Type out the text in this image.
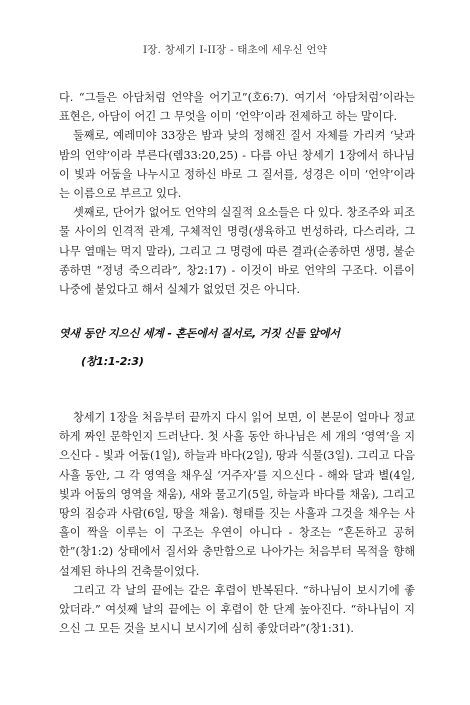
I장. 창세기 I-II장 - 태초에 세우신 언약

다. “그들은 아담처럼 언약을 어기고”(호6:7). 여기서 ‘아담처럼’이라는 표현은, 아담이 어긴 그 무엇을 이미 ‘언약’이라 전제하고 하는 말이다.

둘째로, 예레미야 33장은 밤과 낮의 정해진 질서 자체를 가리켜 ‘낮과 밤의 언약’이라 부른다(렘33:20,25) - 다름 아닌 창세기 1장에서 하나님이 빛과 어둠을 나누시고 정하신 바로 그 질서를, 성경은 이미 ‘언약’이라는 이름으로 부르고 있다.

셋째로, 단어가 없어도 언약의 실질적 요소들은 다 있다. 창조주와 피조물 사이의 인격적 관계, 구체적인 명령(생육하고 번성하라, 다스리라, 그 나무 열매는 먹지 말라), 그리고 그 명령에 따른 결과(순종하면 생명, 불순종하면 “정녕 죽으리라”, 창2:17) - 이것이 바로 언약의 구조다. 이름이 나중에 붙었다고 해서 실체가 없었던 것은 아니다.

엿새 동안 지으신 세계 - 혼돈에서 질서로, 거짓 신들 앞에서
(창1:1-2:3)

창세기 1장을 처음부터 끝까지 다시 읽어 보면, 이 본문이 얼마나 정교하게 짜인 문학인지 드러난다. 첫 사흘 동안 하나님은 세 개의 ‘영역’을 지으신다 - 빛과 어둠(1일), 하늘과 바다(2일), 땅과 식물(3일). 그리고 다음 사흘 동안, 그 각 영역을 채우실 ‘거주자’를 지으신다 - 해와 달과 별(4일, 빛과 어둠의 영역을 채움), 새와 물고기(5일, 하늘과 바다를 채움), 그리고 땅의 짐승과 사람(6일, 땅을 채움). 형태를 짓는 사흘과 그것을 채우는 사흘이 짝을 이루는 이 구조는 우연이 아니다 - 창조는 “혼돈하고 공허한”(창1:2) 상태에서 질서와 충만함으로 나아가는 처음부터 목적을 향해 설계된 하나의 건축물이었다.

그리고 각 날의 끝에는 같은 후렴이 반복된다. “하나님이 보시기에 좋았더라.” 여섯째 날의 끝에는 이 후렴이 한 단계 높아진다. “하나님이 지으신 그 모든 것을 보시니 보시기에 심히 좋았더라”(창1:31).
